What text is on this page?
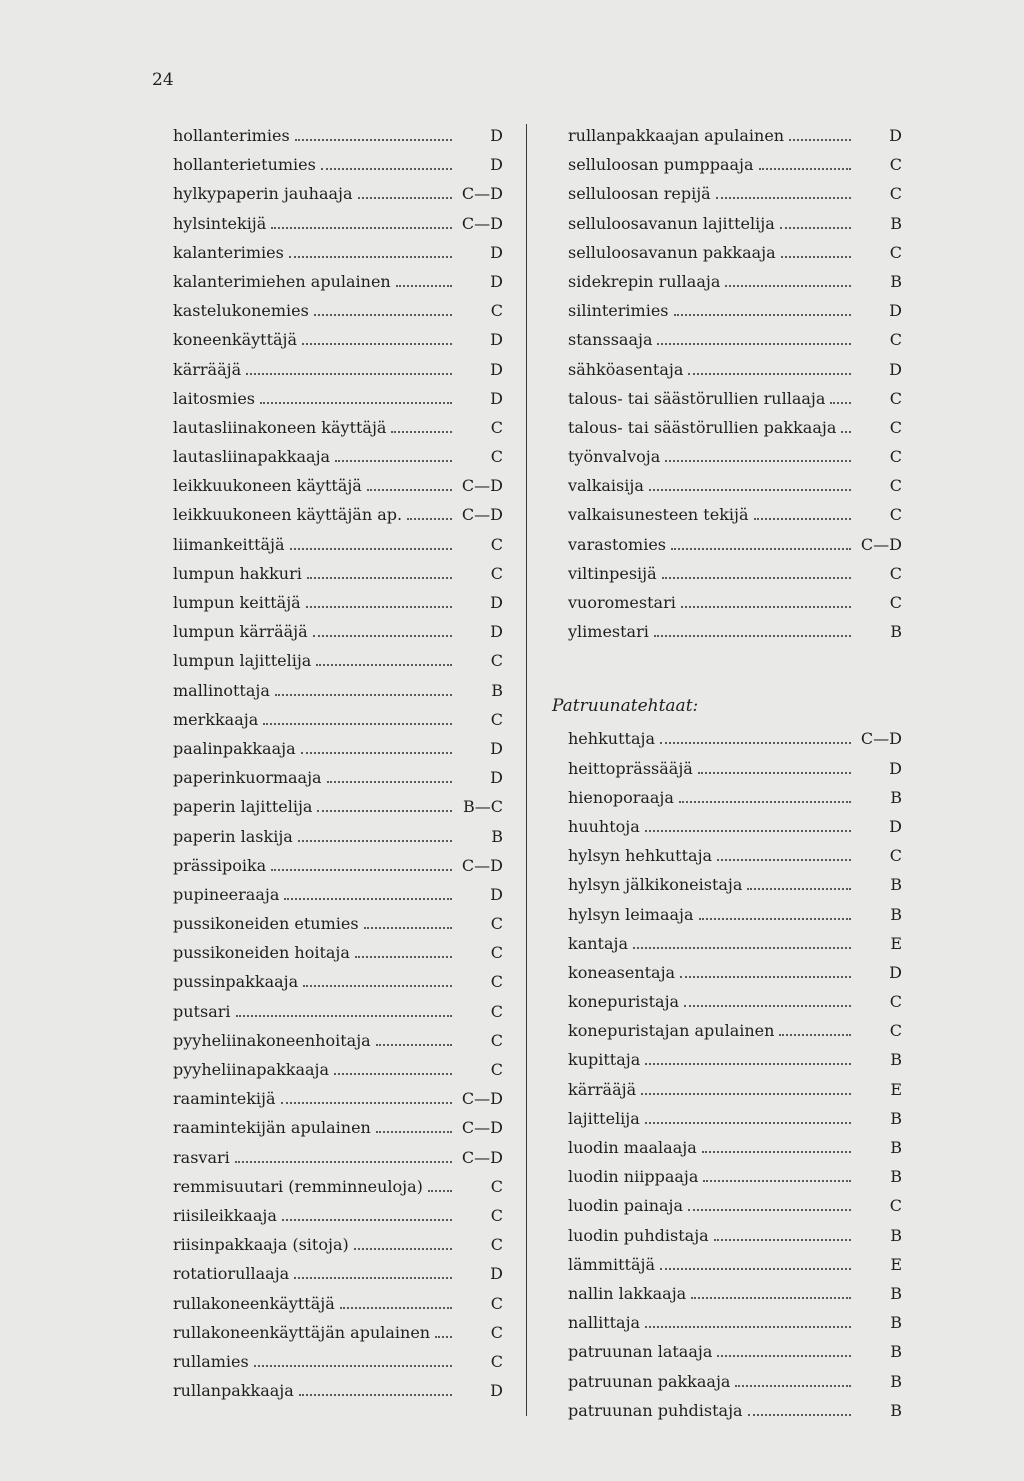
24
hollanterimies	D
hollanterietumies	D
hylkypaperin jauhaaja	C—D
hylsintekijä	C—D
kalanterimies	D
kalanterimiehen apulainen	D
kastelukonemies	C
koneenkäyttäjä	D
kärrääjä	D
laitosmies	D
lautasliinakoneen käyttäjä	C
lautasliinapakkaaja	C
leikkuukoneen käyttäjä	C—D
leikkuukoneen käyttäjän ap.	C—D
liimankeittäjä	C
lumpun hakkuri	C
lumpun keittäjä	D
lumpun kärrääjä	D
lumpun lajittelija	C
mallinottaja	B
merkkaaja	C
paalinpakkaaja	D
paperinkuormaaja	D
paperin lajittelija	B—C
paperin laskija	B
prässipoika	C—D
pupineeraaja	D
pussikoneiden etumies	C
pussikoneiden hoitaja	C
pussinpakkaaja	C
putsari	C
pyyheliinakoneenhoitaja	C
pyyheliinapakkaaja	C
raamintekijä	C—D
raamintekijän apulainen	C—D
rasvari	C—D
remmisuutari (remminneuloja)	C
riisileikkaaja	C
riisinpakkaaja (sitoja)	C
rotatiorullaaja	D
rullakoneenkäyttäjä	C
rullakoneenkäyttäjän apulainen	C
rullamies	C
rullanpakkaaja	D
rullanpakkaajan apulainen	D
selluloosan pumppaaja	C
selluloosan repijä	C
selluloosavanun lajittelija	B
selluloosavanun pakkaaja	C
sidekrepin rullaaja	B
silinterimies	D
stanssaaja	C
sähköasentaja	D
talous- tai säästörullien rullaaja	C
talous- tai säästörullien pakkaaja	C
työnvalvoja	C
valkaisija	C
valkaisunesteen tekijä	C
varastomies	C—D
viltinpesijä	C
vuoromestari	C
ylimestari	B
Patruunatehtaat:
hehkuttaja	C—D
heittoprässääjä	D
hienoporaaja	B
huuhtoja	D
hylsyn hehkuttaja	C
hylsyn jälkikoneistaja	B
hylsyn leimaaja	B
kantaja	E
koneasentaja	D
konepuristaja	C
konepuristajan apulainen	C
kupittaja	B
kärrääjä	E
lajittelija	B
luodin maalaaja	B
luodin niippaaja	B
luodin painaja	C
luodin puhdistaja	B
lämmittäjä	E
nallin lakkaaja	B
nallittaja	B
patruunan lataaja	B
patruunan pakkaaja	B
patruunan puhdistaja	B
